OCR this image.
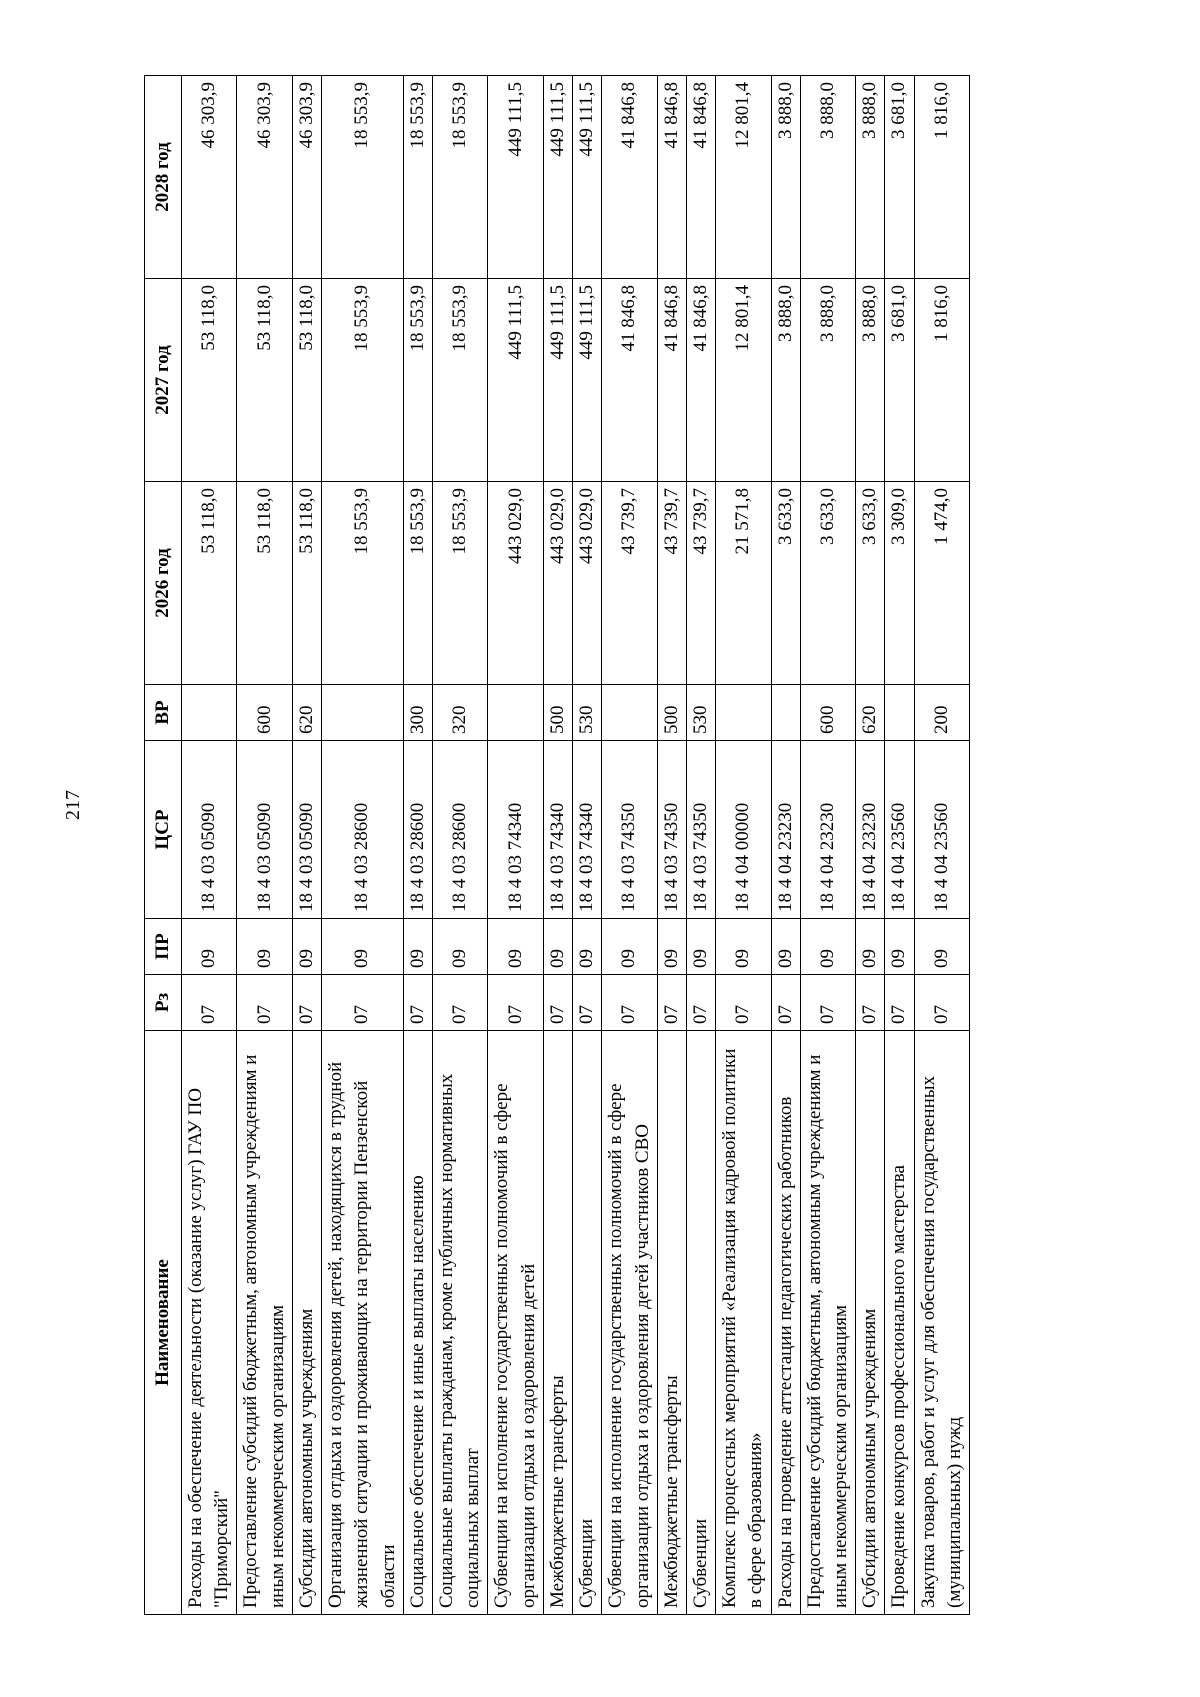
217
Наименование	Рз	ПР	ЦСР	ВР	2026 год	2027 год	2028 год
Расходы на обеспечение деятельности (оказание услуг) ГАУ ПО "Приморский"	07	09	18 4 03 05090		53 118,0	53 118,0	46 303,9
Предоставление субсидий бюджетным, автономным учреждениям и иным некоммерческим организациям	07	09	18 4 03 05090	600	53 118,0	53 118,0	46 303,9
Субсидии автономным учреждениям	07	09	18 4 03 05090	620	53 118,0	53 118,0	46 303,9
Организация отдыха и оздоровления детей, находящихся в трудной жизненной ситуации и проживающих на территории Пензенской области	07	09	18 4 03 28600		18 553,9	18 553,9	18 553,9
Социальное обеспечение и иные выплаты населению	07	09	18 4 03 28600	300	18 553,9	18 553,9	18 553,9
Социальные выплаты гражданам, кроме публичных нормативных социальных выплат	07	09	18 4 03 28600	320	18 553,9	18 553,9	18 553,9
Субвенции на исполнение государственных полномочий в сфере организации отдыха и оздоровления детей	07	09	18 4 03 74340		443 029,0	449 111,5	449 111,5
Межбюджетные трансферты	07	09	18 4 03 74340	500	443 029,0	449 111,5	449 111,5
Субвенции	07	09	18 4 03 74340	530	443 029,0	449 111,5	449 111,5
Субвенции на исполнение государственных полномочий в сфере организации отдыха и оздоровления детей участников СВО	07	09	18 4 03 74350		43 739,7	41 846,8	41 846,8
Межбюджетные трансферты	07	09	18 4 03 74350	500	43 739,7	41 846,8	41 846,8
Субвенции	07	09	18 4 03 74350	530	43 739,7	41 846,8	41 846,8
Комплекс процессных мероприятий «Реализация кадровой политики в сфере образования»	07	09	18 4 04 00000		21 571,8	12 801,4	12 801,4
Расходы на проведение аттестации педагогических работников	07	09	18 4 04 23230		3 633,0	3 888,0	3 888,0
Предоставление субсидий бюджетным, автономным учреждениям и иным некоммерческим организациям	07	09	18 4 04 23230	600	3 633,0	3 888,0	3 888,0
Субсидии автономным учреждениям	07	09	18 4 04 23230	620	3 633,0	3 888,0	3 888,0
Проведение конкурсов профессионального мастерства	07	09	18 4 04 23560		3 309,0	3 681,0	3 681,0
Закупка товаров, работ и услуг для обеспечения государственных (муниципальных) нужд	07	09	18 4 04 23560	200	1 474,0	1 816,0	1 816,0
